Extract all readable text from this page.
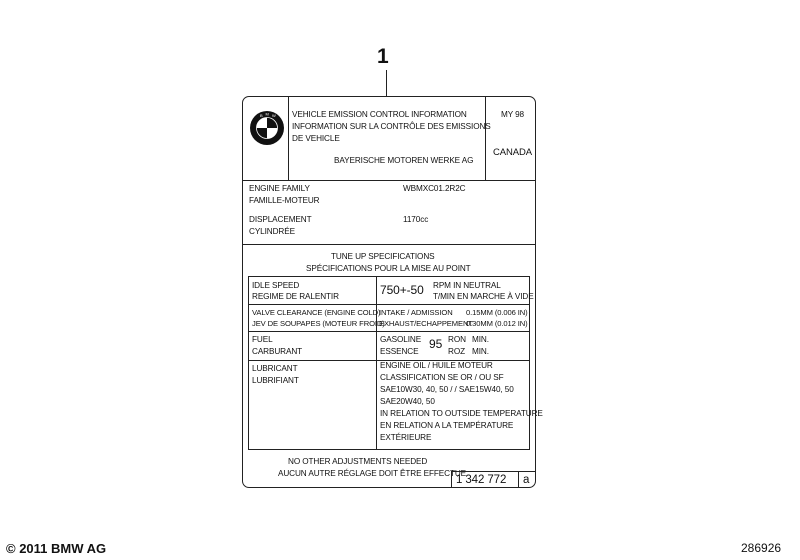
1
B M W VEHICLE EMISSION CONTROL INFORMATION
INFORMATION SUR LA CONTRÔLE DES EMISSIONS
DE VEHICLE
BAYERISCHE MOTOREN WERKE AG
MY 98
CANADA
ENGINE FAMILY
FAMILLE-MOTEUR
WBMXC01.2R2C
DISPLACEMENT
CYLINDRÉE
1170cc
TUNE UP SPECIFICATIONS
SPÉCIFICATIONS POUR LA MISE AU POINT
IDLE SPEED
REGIME DE RALENTIR	750+-50 RPM IN NEUTRAL
T/MIN EN MARCHE À VIDE
VALVE CLEARANCE (ENGINE COLD)
JEV DE SOUPAPES (MOTEUR FROID)
INTAKE / ADMISSION 0.15MM (0.006 IN)
EXHAUST/ECHAPPEMENT
0.30MM (0.012 IN)
FUEL
CARBURANT
GASOLINE
ESSENCE
95 RON
ROZ
MIN.
MIN.
LUBRICANT
LUBRIFIANT
ENGINE OIL / HUILE MOTEUR
CLASSIFICATION SE OR / OU SF
SAE10W30, 40, 50 / / SAE15W40, 50
SAE20W40, 50
IN RELATION TO OUTSIDE TEMPERATURE
EN RELATION A LA TEMPÉRATURE
EXTÉRIEURE
NO OTHER ADJUSTMENTS NEEDED
AUCUN AUTRE RÉGLAGE DOIT ÊTRE EFFECTUE
1 342 772 a
© 2011 BMW AG	286926
